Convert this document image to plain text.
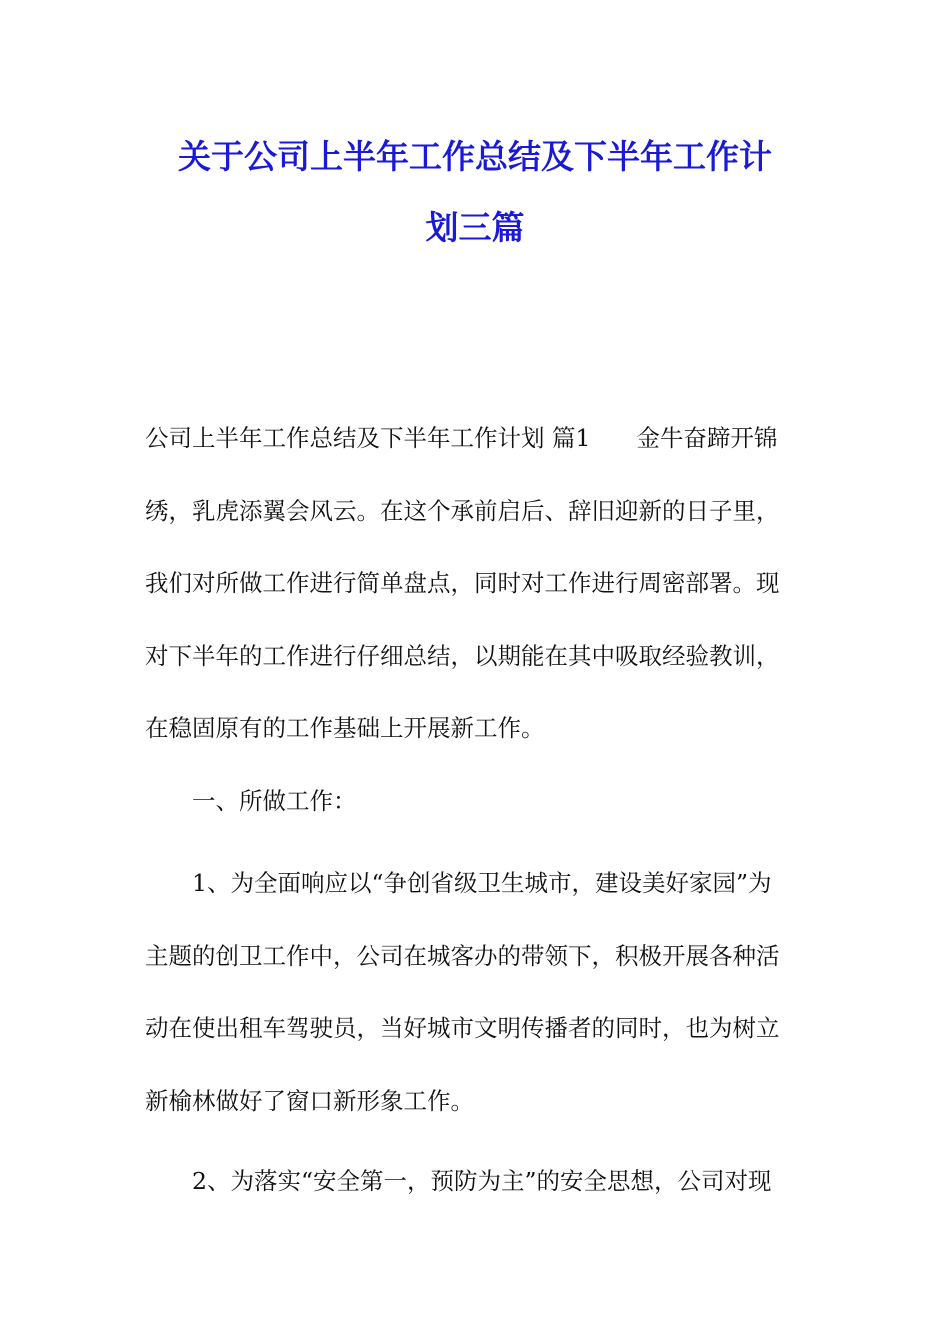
关于公司上半年工作总结及下半年工作计
划三篇

公司上半年工作总结及下半年工作计划 篇1 金牛奋蹄开锦

绣，乳虎添翼会风云。在这个承前启后、辞旧迎新的日子里，

我们对所做工作进行简单盘点，同时对工作进行周密部署。现

对下半年的工作进行仔细总结，以期能在其中吸取经验教训，

在稳固原有的工作基础上开展新工作。

　　一、所做工作：

　　1、为全面响应以“争创省级卫生城市，建设美好家园”为

主题的创卫工作中，公司在城客办的带领下，积极开展各种活

动在使出租车驾驶员，当好城市文明传播者的同时，也为树立

新榆林做好了窗口新形象工作。

　　2、为落实“安全第一，预防为主”的安全思想，公司对现
